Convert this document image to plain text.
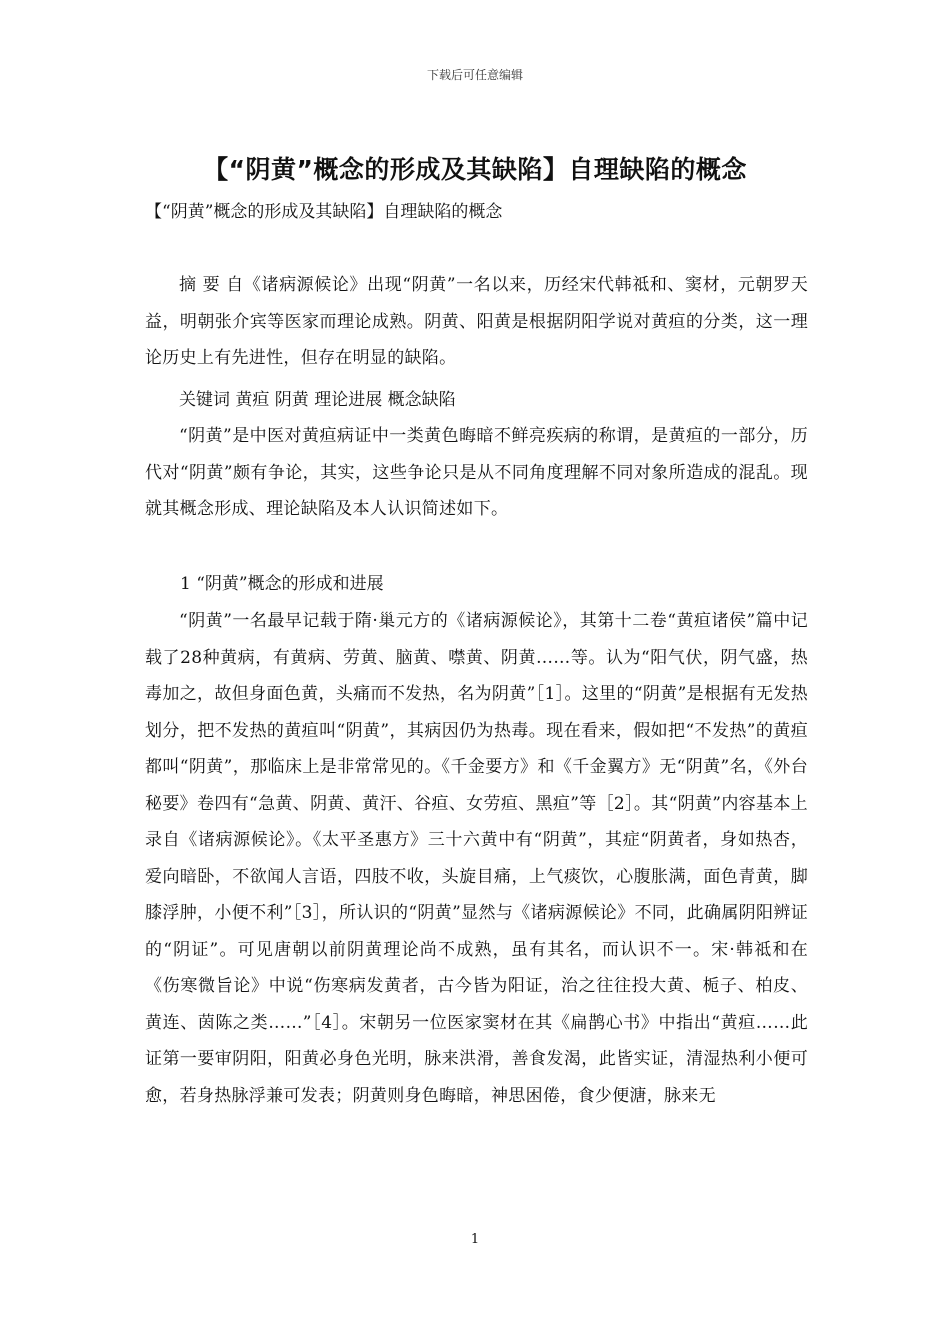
下载后可任意编辑
【“阴黄”概念的形成及其缺陷】自理缺陷的概念
【“阴黄”概念的形成及其缺陷】自理缺陷的概念

摘 要 自《诸病源候论》出现“阴黄”一名以来，历经宋代韩祗和、窦材，元朝罗天益，明朝张介宾等医家而理论成熟。阴黄、阳黄是根据阴阳学说对黄疸的分类，这一理论历史上有先进性，但存在明显的缺陷。

关键词 黄疸 阴黄 理论进展 概念缺陷

“阴黄”是中医对黄疸病证中一类黄色晦暗不鲜亮疾病的称谓，是黄疸的一部分，历代对“阴黄”颇有争论，其实，这些争论只是从不同角度理解不同对象所造成的混乱。现就其概念形成、理论缺陷及本人认识简述如下。

1 “阴黄”概念的形成和进展

“阴黄”一名最早记载于隋·巢元方的《诸病源候论》，其第十二卷“黄疸诸侯”篇中记载了28种黄病，有黄病、劳黄、脑黄、噤黄、阴黄……等。认为“阳气伏，阴气盛，热毒加之，故但身面色黄，头痛而不发热，名为阴黄”［1］。这里的“阴黄”是根据有无发热划分，把不发热的黄疸叫“阴黄”，其病因仍为热毒。现在看来，假如把“不发热”的黄疸都叫“阴黄”，那临床上是非常常见的。《千金要方》和《千金翼方》无“阴黄”名，《外台秘要》卷四有“急黄、阴黄、黄汗、谷疸、女劳疸、黑疸”等［2］。其“阴黄”内容基本上录自《诸病源候论》。《太平圣惠方》三十六黄中有“阴黄”，其症“阴黄者，身如热杏，爱向暗卧，不欲闻人言语，四肢不收，头旋目痛，上气痰饮，心腹胀满，面色青黄，脚膝浮肿，小便不利”［3］，所认识的“阴黄”显然与《诸病源候论》不同，此确属阴阳辨证的“阴证”。可见唐朝以前阴黄理论尚不成熟，虽有其名，而认识不一。宋·韩祗和在《伤寒微旨论》中说“伤寒病发黄者，古今皆为阳证，治之往往投大黄、栀子、柏皮、黄连、茵陈之类……”［4］。宋朝另一位医家窦材在其《扁鹊心书》中指出“黄疸……此证第一要审阴阳，阳黄必身色光明，脉来洪滑，善食发渴，此皆实证，清湿热利小便可愈，若身热脉浮兼可发表；阴黄则身色晦暗，神思困倦，食少便溏，脉来无

1
